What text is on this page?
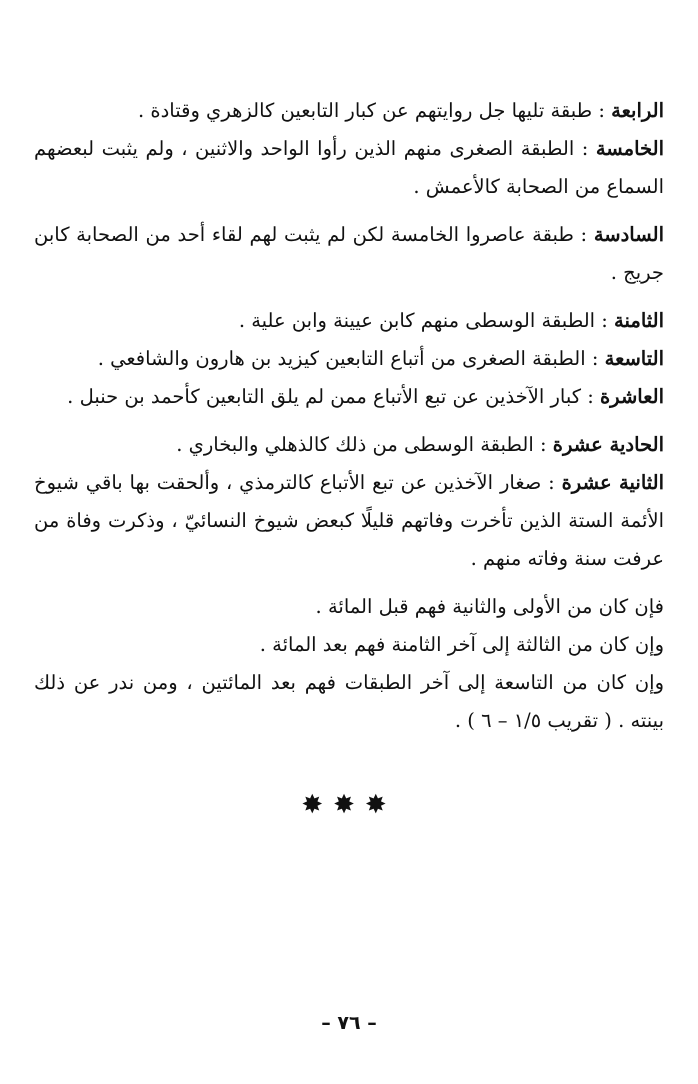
الرابعة : طبقة تليها جل روايتهم عن كبار التابعين كالزهري وقتادة .

الخامسة : الطبقة الصغرى منهم الذين رأوا الواحد والاثنين ، ولم يثبت لبعضهم السماع من الصحابة كالأعمش .

السادسة : طبقة عاصروا الخامسة لكن لم يثبت لهم لقاء أحد من الصحابة كابن جريج .

الثامنة : الطبقة الوسطى منهم كابن عيينة وابن علية .

التاسعة : الطبقة الصغرى من أتباع التابعين كيزيد بن هارون والشافعي .

العاشرة : كبار الآخذين عن تبع الأتباع ممن لم يلق التابعين كأحمد بن حنبل .

الحادية عشرة : الطبقة الوسطى من ذلك كالذهلي والبخاري .

الثانية عشرة : صغار الآخذين عن تبع الأتباع كالترمذي ، وألحقت بها باقي شيوخ الأئمة الستة الذين تأخرت وفاتهم قليلًا كبعض شيوخ النسائيّ ، وذكرت وفاة من عرفت سنة وفاته منهم .

فإن كان من الأولى والثانية فهم قبل المائة .

وإن كان من الثالثة إلى آخر الثامنة فهم بعد المائة .

وإن كان من التاسعة إلى آخر الطبقات فهم بعد المائتين ، ومن ندر عن ذلك بينته . ( تقريب ١/٥ – ٦ ) .

✸✸✸
– ٧٦ –
